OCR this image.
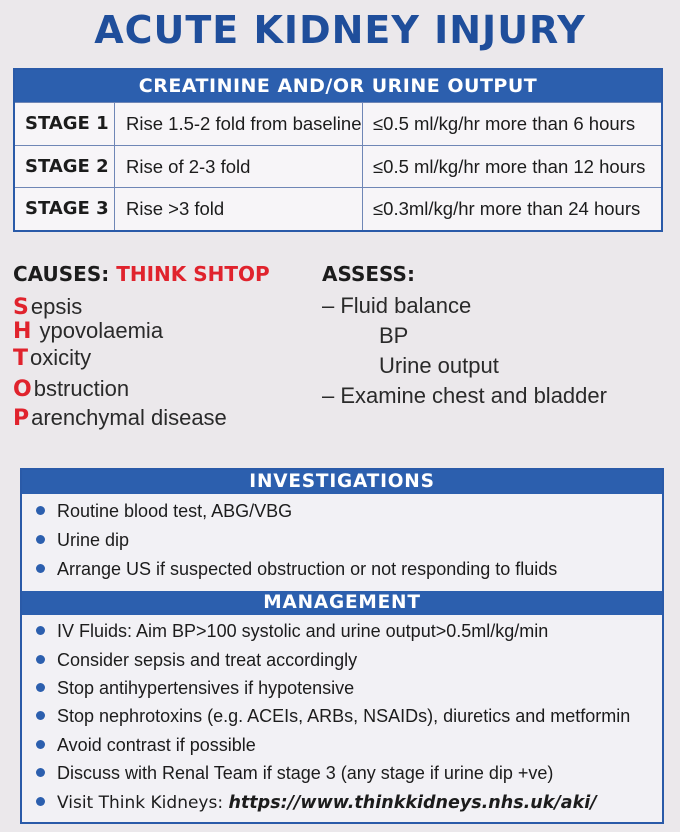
ACUTE KIDNEY INJURY
CREATININE AND/OR URINE OUTPUT
STAGE 1 Rise 1.5-2 fold from baseline ≤0.5 ml/kg/hr more than 6 hours
STAGE 2 Rise of 2-3 fold	≤0.5 ml/kg/hr more than 12 hours
STAGE 3 Rise >3 fold	≤0.3ml/kg/hr more than 24 hours
CAUSES: THINK SHTOP
Sepsis
H ypovolaemia
Toxicity
Obstruction
Parenchymal disease
ASSESS:
– Fluid balance
BP
Urine output
– Examine chest and bladder
INVESTIGATIONS
Routine blood test, ABG/VBG
Urine dip
Arrange US if suspected obstruction or not responding to fluids
MANAGEMENT
IV Fluids: Aim BP>100 systolic and urine output>0.5ml/kg/min
Consider sepsis and treat accordingly
Stop antihypertensives if hypotensive
Stop nephrotoxins (e.g. ACEIs, ARBs, NSAIDs), diuretics and metformin
Avoid contrast if possible
Discuss with Renal Team if stage 3 (any stage if urine dip +ve)
Visit Think Kidneys: https://www.thinkkidneys.nhs.uk/aki/
